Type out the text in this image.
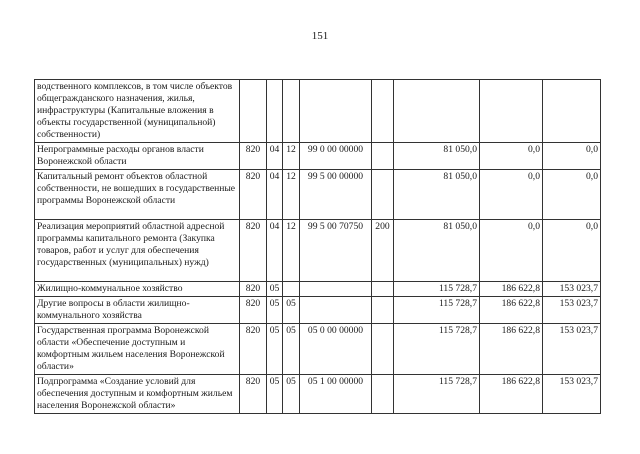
151
водственного комплексов, в том числе объектов общегражданского назначения, жилья, инфраструктуры (Капитальные вложения в объекты государственной (муниципальной) собственности)								
Непрограммные расходы органов власти Воронежской области	820	04	12	99 0 00 00000		81 050,0	0,0	0,0
Капитальный ремонт объектов областной собственности, не вошедших в государственные программы Воронежской области	820	04	12	99 5 00 00000		81 050,0	0,0	0,0
Реализация мероприятий областной адресной программы капитального ремонта (Закупка товаров, работ и услуг для обеспечения государственных (муниципальных) нужд)	820	04	12	99 5 00 70750	200	81 050,0	0,0	0,0
Жилищно-коммунальное хозяйство	820	05				115 728,7	186 622,8	153 023,7
Другие вопросы в области жилищно-коммунального хозяйства	820	05	05			115 728,7	186 622,8	153 023,7
Государственная программа Воронежской области «Обеспечение доступным и комфортным жильем населения Воронежской области»	820	05	05	05 0 00 00000		115 728,7	186 622,8	153 023,7
Подпрограмма «Создание условий для обеспечения доступным и комфортным жильем населения Воронежской области»	820	05	05	05 1 00 00000		115 728,7	186 622,8	153 023,7
